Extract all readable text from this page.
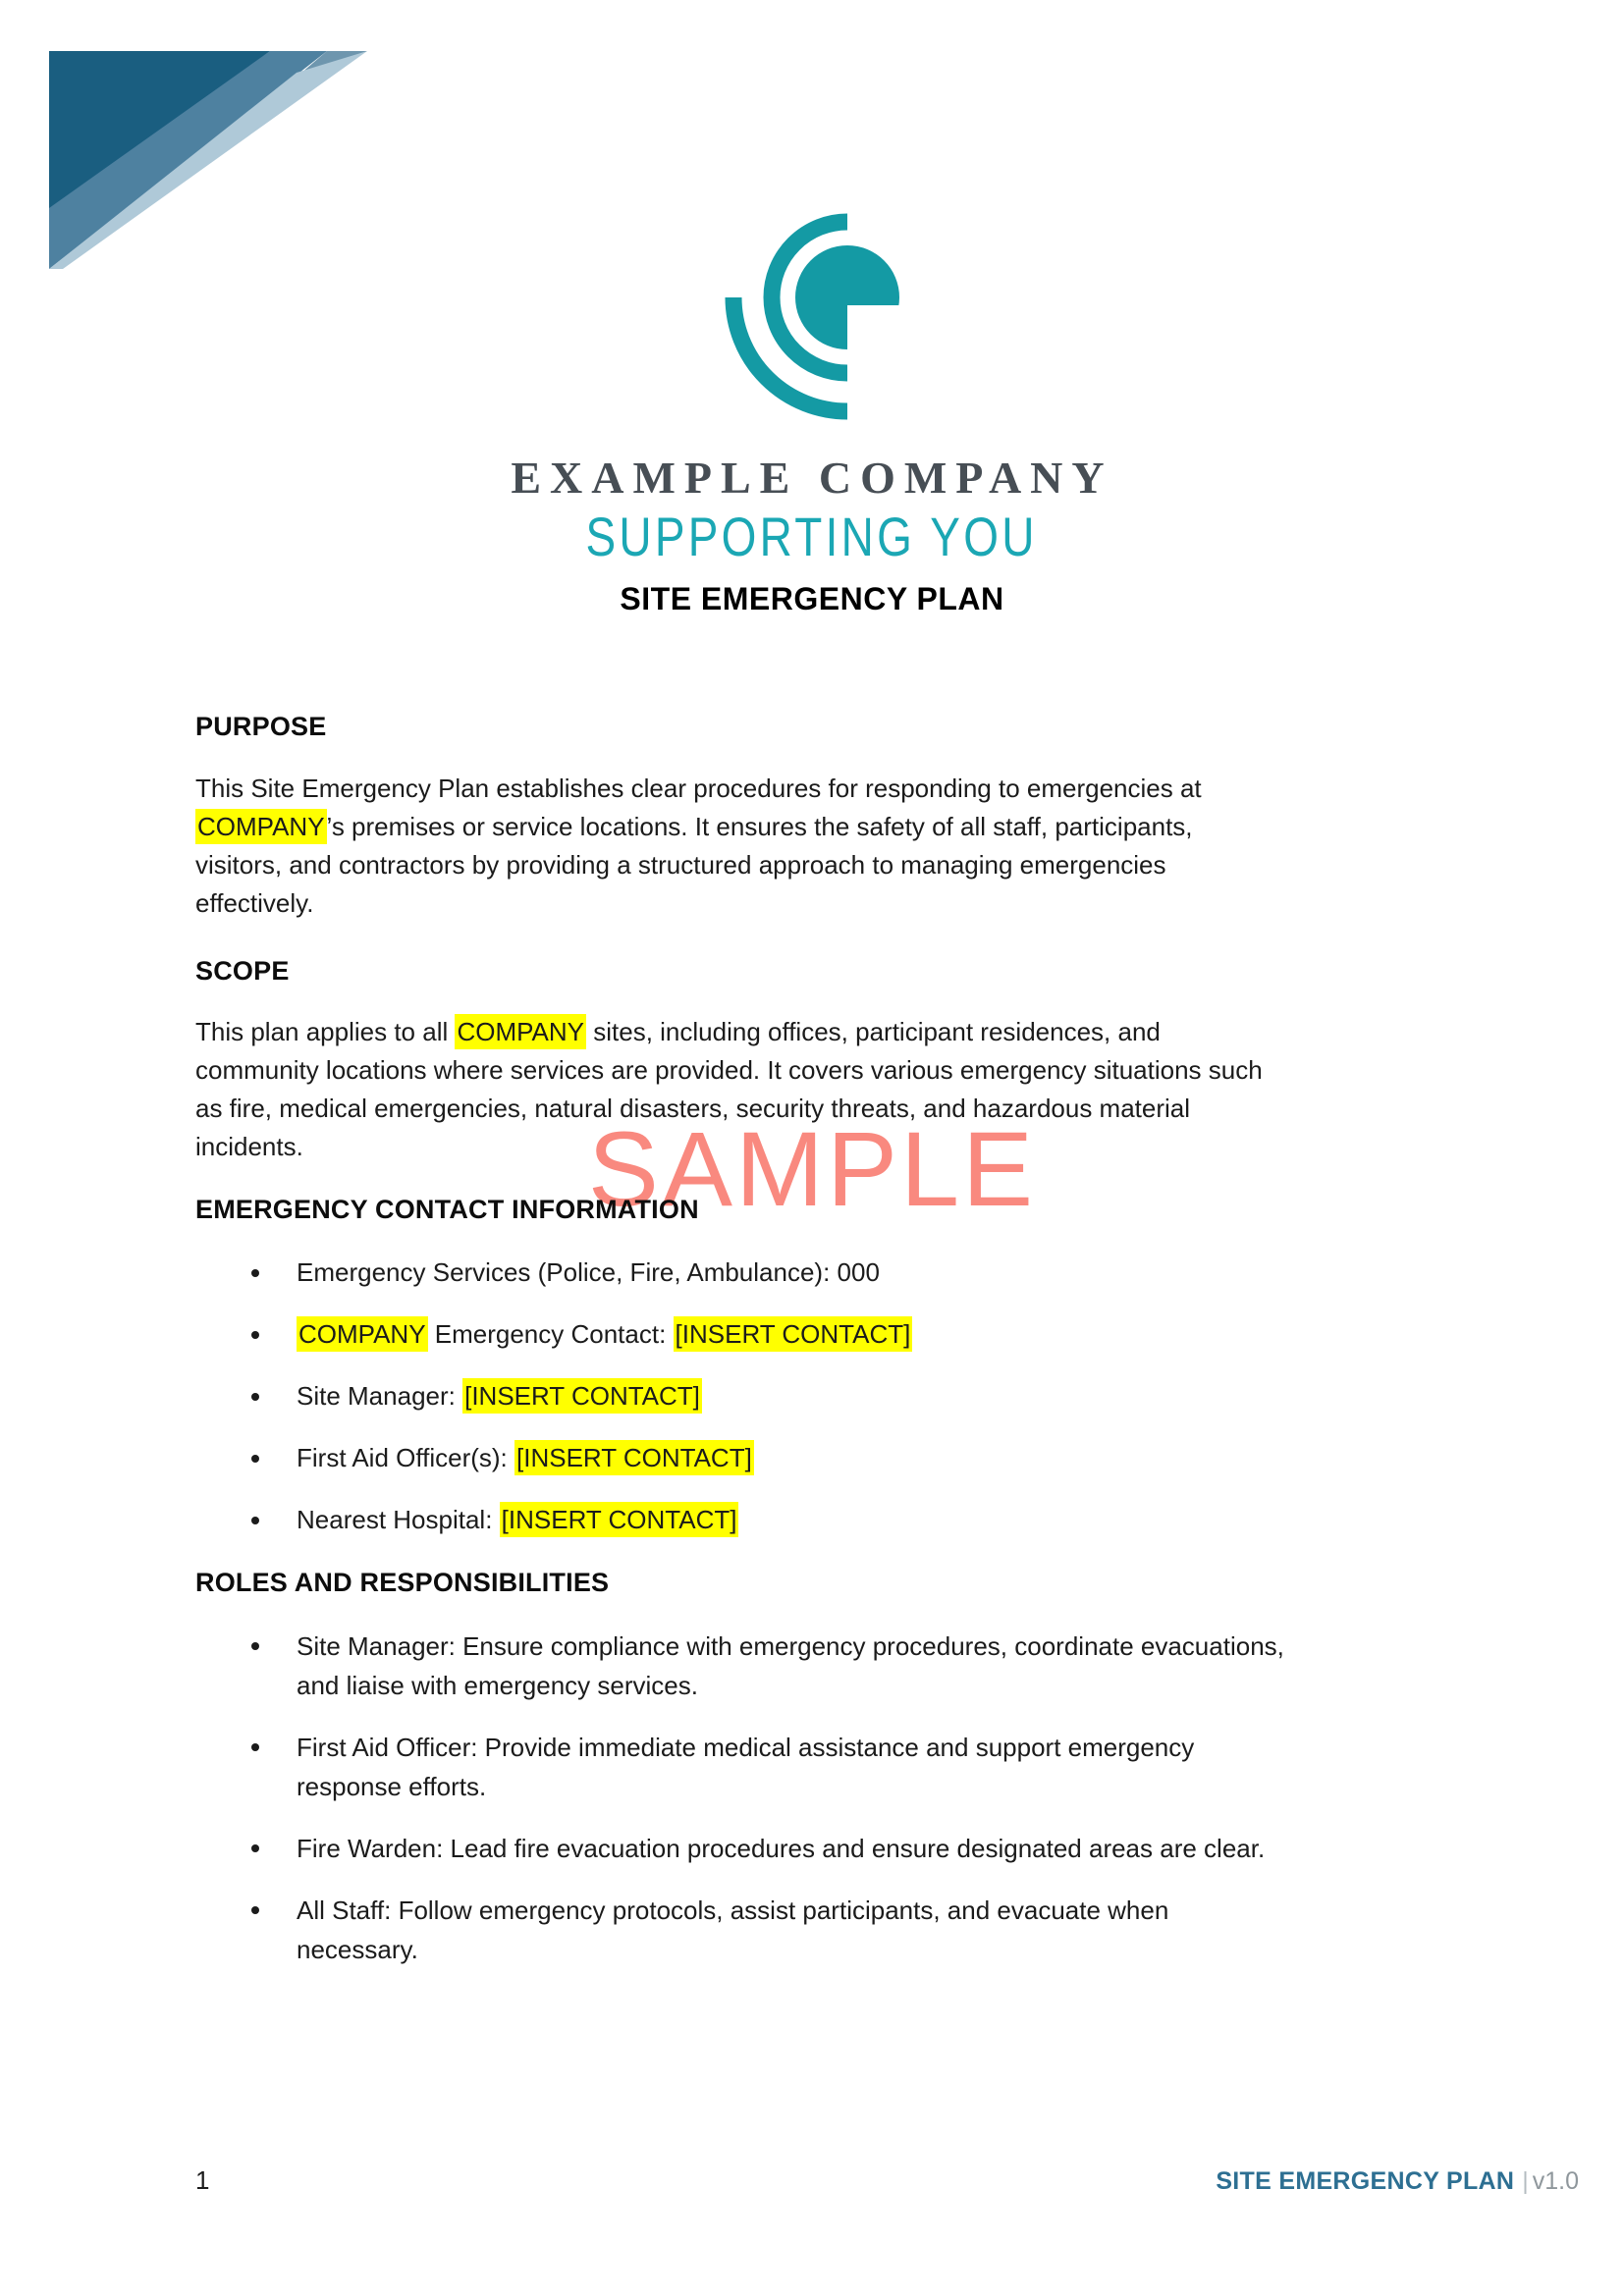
EXAMPLE COMPANY
SUPPORTING YOU
SITE EMERGENCY PLAN
SAMPLE
PURPOSE
This Site Emergency Plan establishes clear procedures for responding to emergencies at
COMPANY’s premises or service locations. It ensures the safety of all staff, participants,
visitors, and contractors by providing a structured approach to managing emergencies
effectively.
SCOPE
This plan applies to all COMPANY sites, including offices, participant residences, and
community locations where services are provided. It covers various emergency situations such
as fire, medical emergencies, natural disasters, security threats, and hazardous material
incidents.
EMERGENCY CONTACT INFORMATION
Emergency Services (Police, Fire, Ambulance): 000
COMPANY Emergency Contact: [INSERT CONTACT]
Site Manager: [INSERT CONTACT]
First Aid Officer(s): [INSERT CONTACT]
Nearest Hospital: [INSERT CONTACT]
ROLES AND RESPONSIBILITIES
Site Manager: Ensure compliance with emergency procedures, coordinate evacuations,
and liaise with emergency services.
First Aid Officer: Provide immediate medical assistance and support emergency
response efforts.
Fire Warden: Lead fire evacuation procedures and ensure designated areas are clear.
All Staff: Follow emergency protocols, assist participants, and evacuate when
necessary.
1	SITE EMERGENCY PLAN | v1.0
